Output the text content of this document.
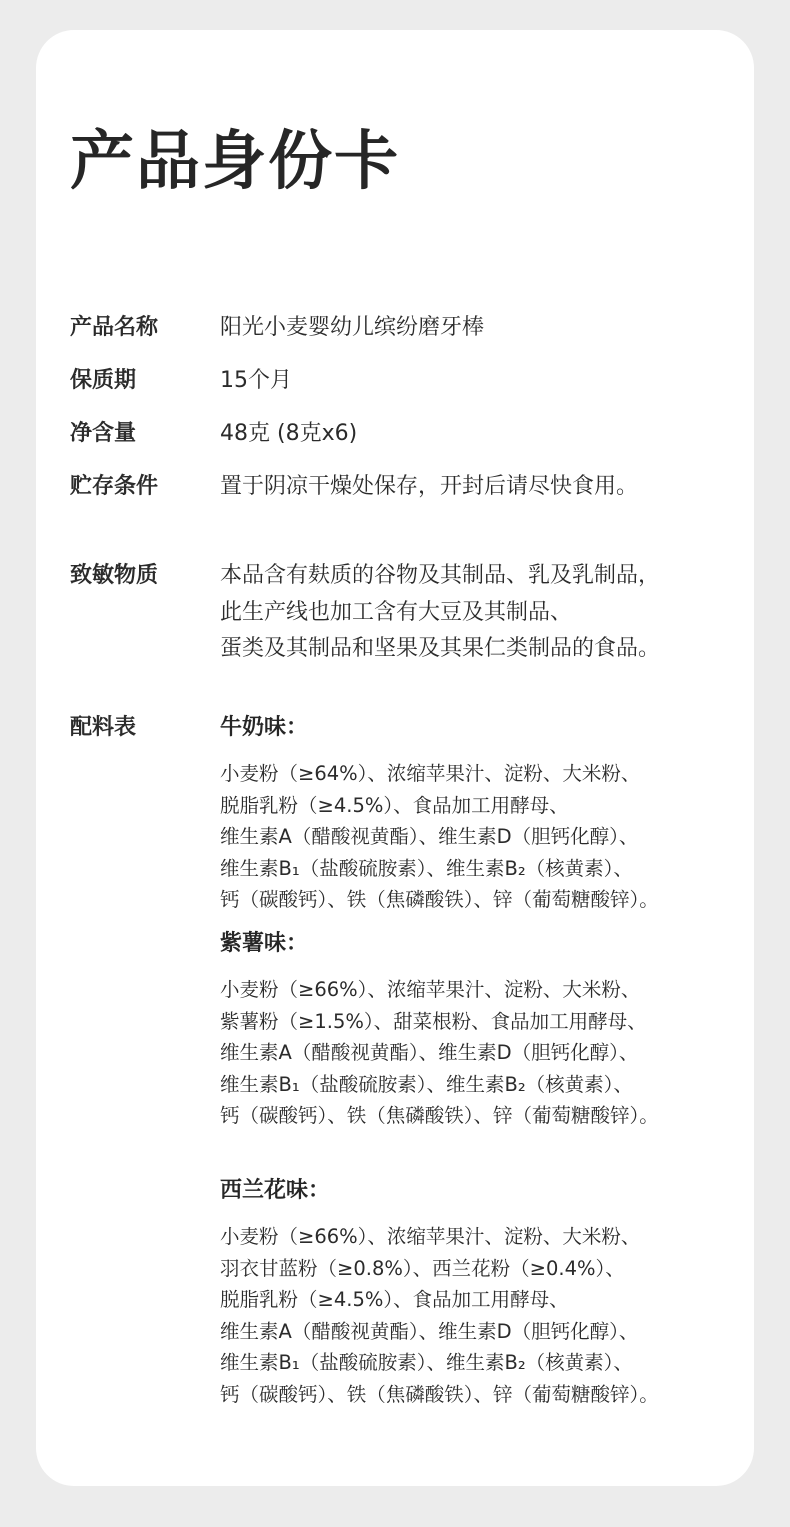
产品身份卡
产品名称	阳光小麦婴幼儿缤纷磨牙棒
保质期	15个月
净含量	48克 (8克x6)
贮存条件	置于阴凉干燥处保存，开封后请尽快食用。
致敏物质	本品含有麸质的谷物及其制品、乳及乳制品，
此生产线也加工含有大豆及其制品、
蛋类及其制品和坚果及其果仁类制品的食品。
配料表	牛奶味：
小麦粉（≥64%）、浓缩苹果汁、淀粉、大米粉、
脱脂乳粉（≥4.5%）、食品加工用酵母、
维生素A（醋酸视黄酯）、维生素D（胆钙化醇）、
维生素B₁（盐酸硫胺素）、维生素B₂（核黄素）、
钙（碳酸钙）、铁（焦磷酸铁）、锌（葡萄糖酸锌）。
紫薯味：
小麦粉（≥66%）、浓缩苹果汁、淀粉、大米粉、
紫薯粉（≥1.5%）、甜菜根粉、食品加工用酵母、
维生素A（醋酸视黄酯）、维生素D（胆钙化醇）、
维生素B₁（盐酸硫胺素）、维生素B₂（核黄素）、
钙（碳酸钙）、铁（焦磷酸铁）、锌（葡萄糖酸锌）。
西兰花味：
小麦粉（≥66%）、浓缩苹果汁、淀粉、大米粉、
羽衣甘蓝粉（≥0.8%）、西兰花粉（≥0.4%）、
脱脂乳粉（≥4.5%）、食品加工用酵母、
维生素A（醋酸视黄酯）、维生素D（胆钙化醇）、
维生素B₁（盐酸硫胺素）、维生素B₂（核黄素）、
钙（碳酸钙）、铁（焦磷酸铁）、锌（葡萄糖酸锌）。
